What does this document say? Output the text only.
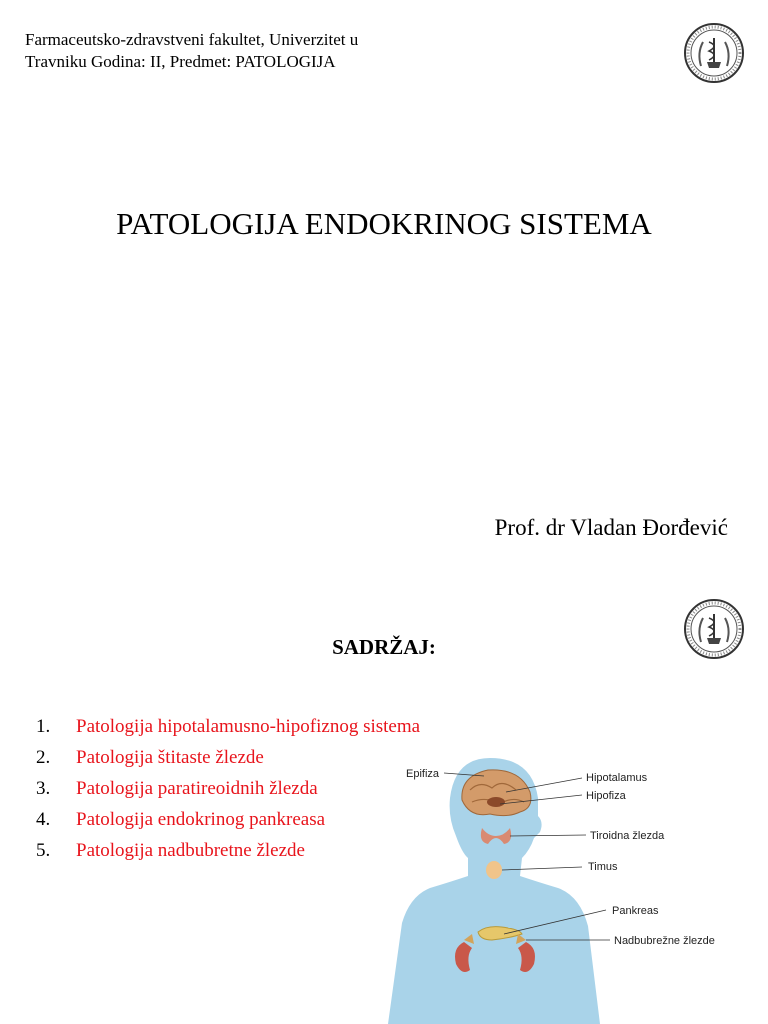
Farmaceutsko-zdravstveni fakultet, Univerzitet u
Travniku Godina: II, Predmet: PATOLOGIJA
PATOLOGIJA ENDOKRINOG SISTEMA
Prof. dr Vladan Đorđević
SADRŽAJ:
1. Patologija hipotalamusno-hipofiznog sistema
2. Patologija štitaste žlezde
3. Patologija paratireoidnih žlezda
4. Patologija endokrinog pankreasa
5. Patologija nadbubretne žlezde
Epifiza	Hipotalamus
Hipofiza
Tiroidna žlezda
Timus
Pankreas
Nadbubrežne žlezde
